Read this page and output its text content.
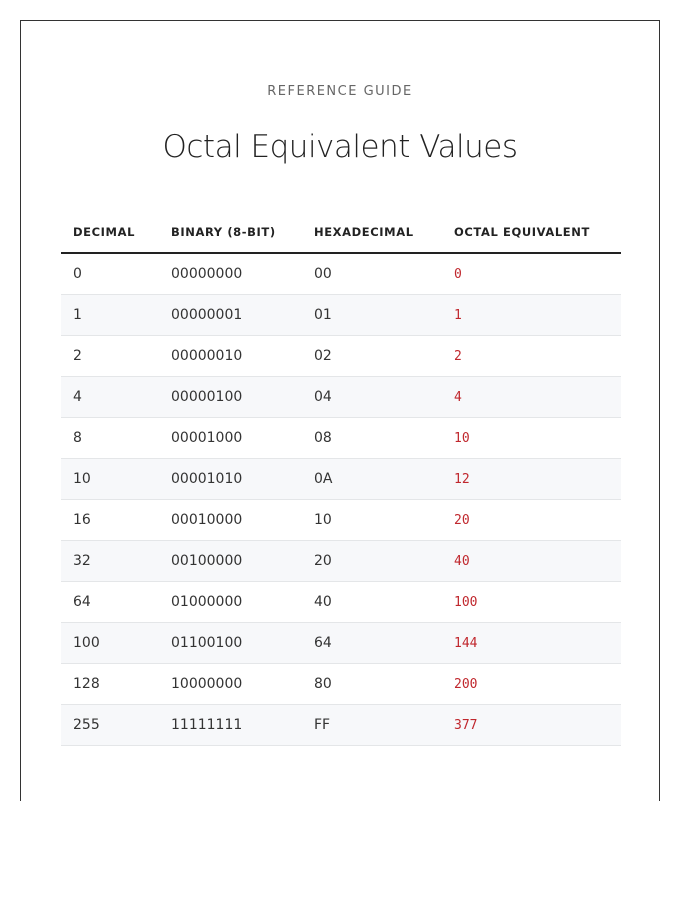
REFERENCE GUIDE
Octal Equivalent Values
DECIMAL	BINARY (8-BIT)	HEXADECIMAL	OCTAL EQUIVALENT
0	00000000	00	0
1	00000001	01	1
2	00000010	02	2
4	00000100	04	4
8	00001000	08	10
10	00001010	0A	12
16	00010000	10	20
32	00100000	20	40
64	01000000	40	100
100	01100100	64	144
128	10000000	80	200
255	11111111	FF	377
